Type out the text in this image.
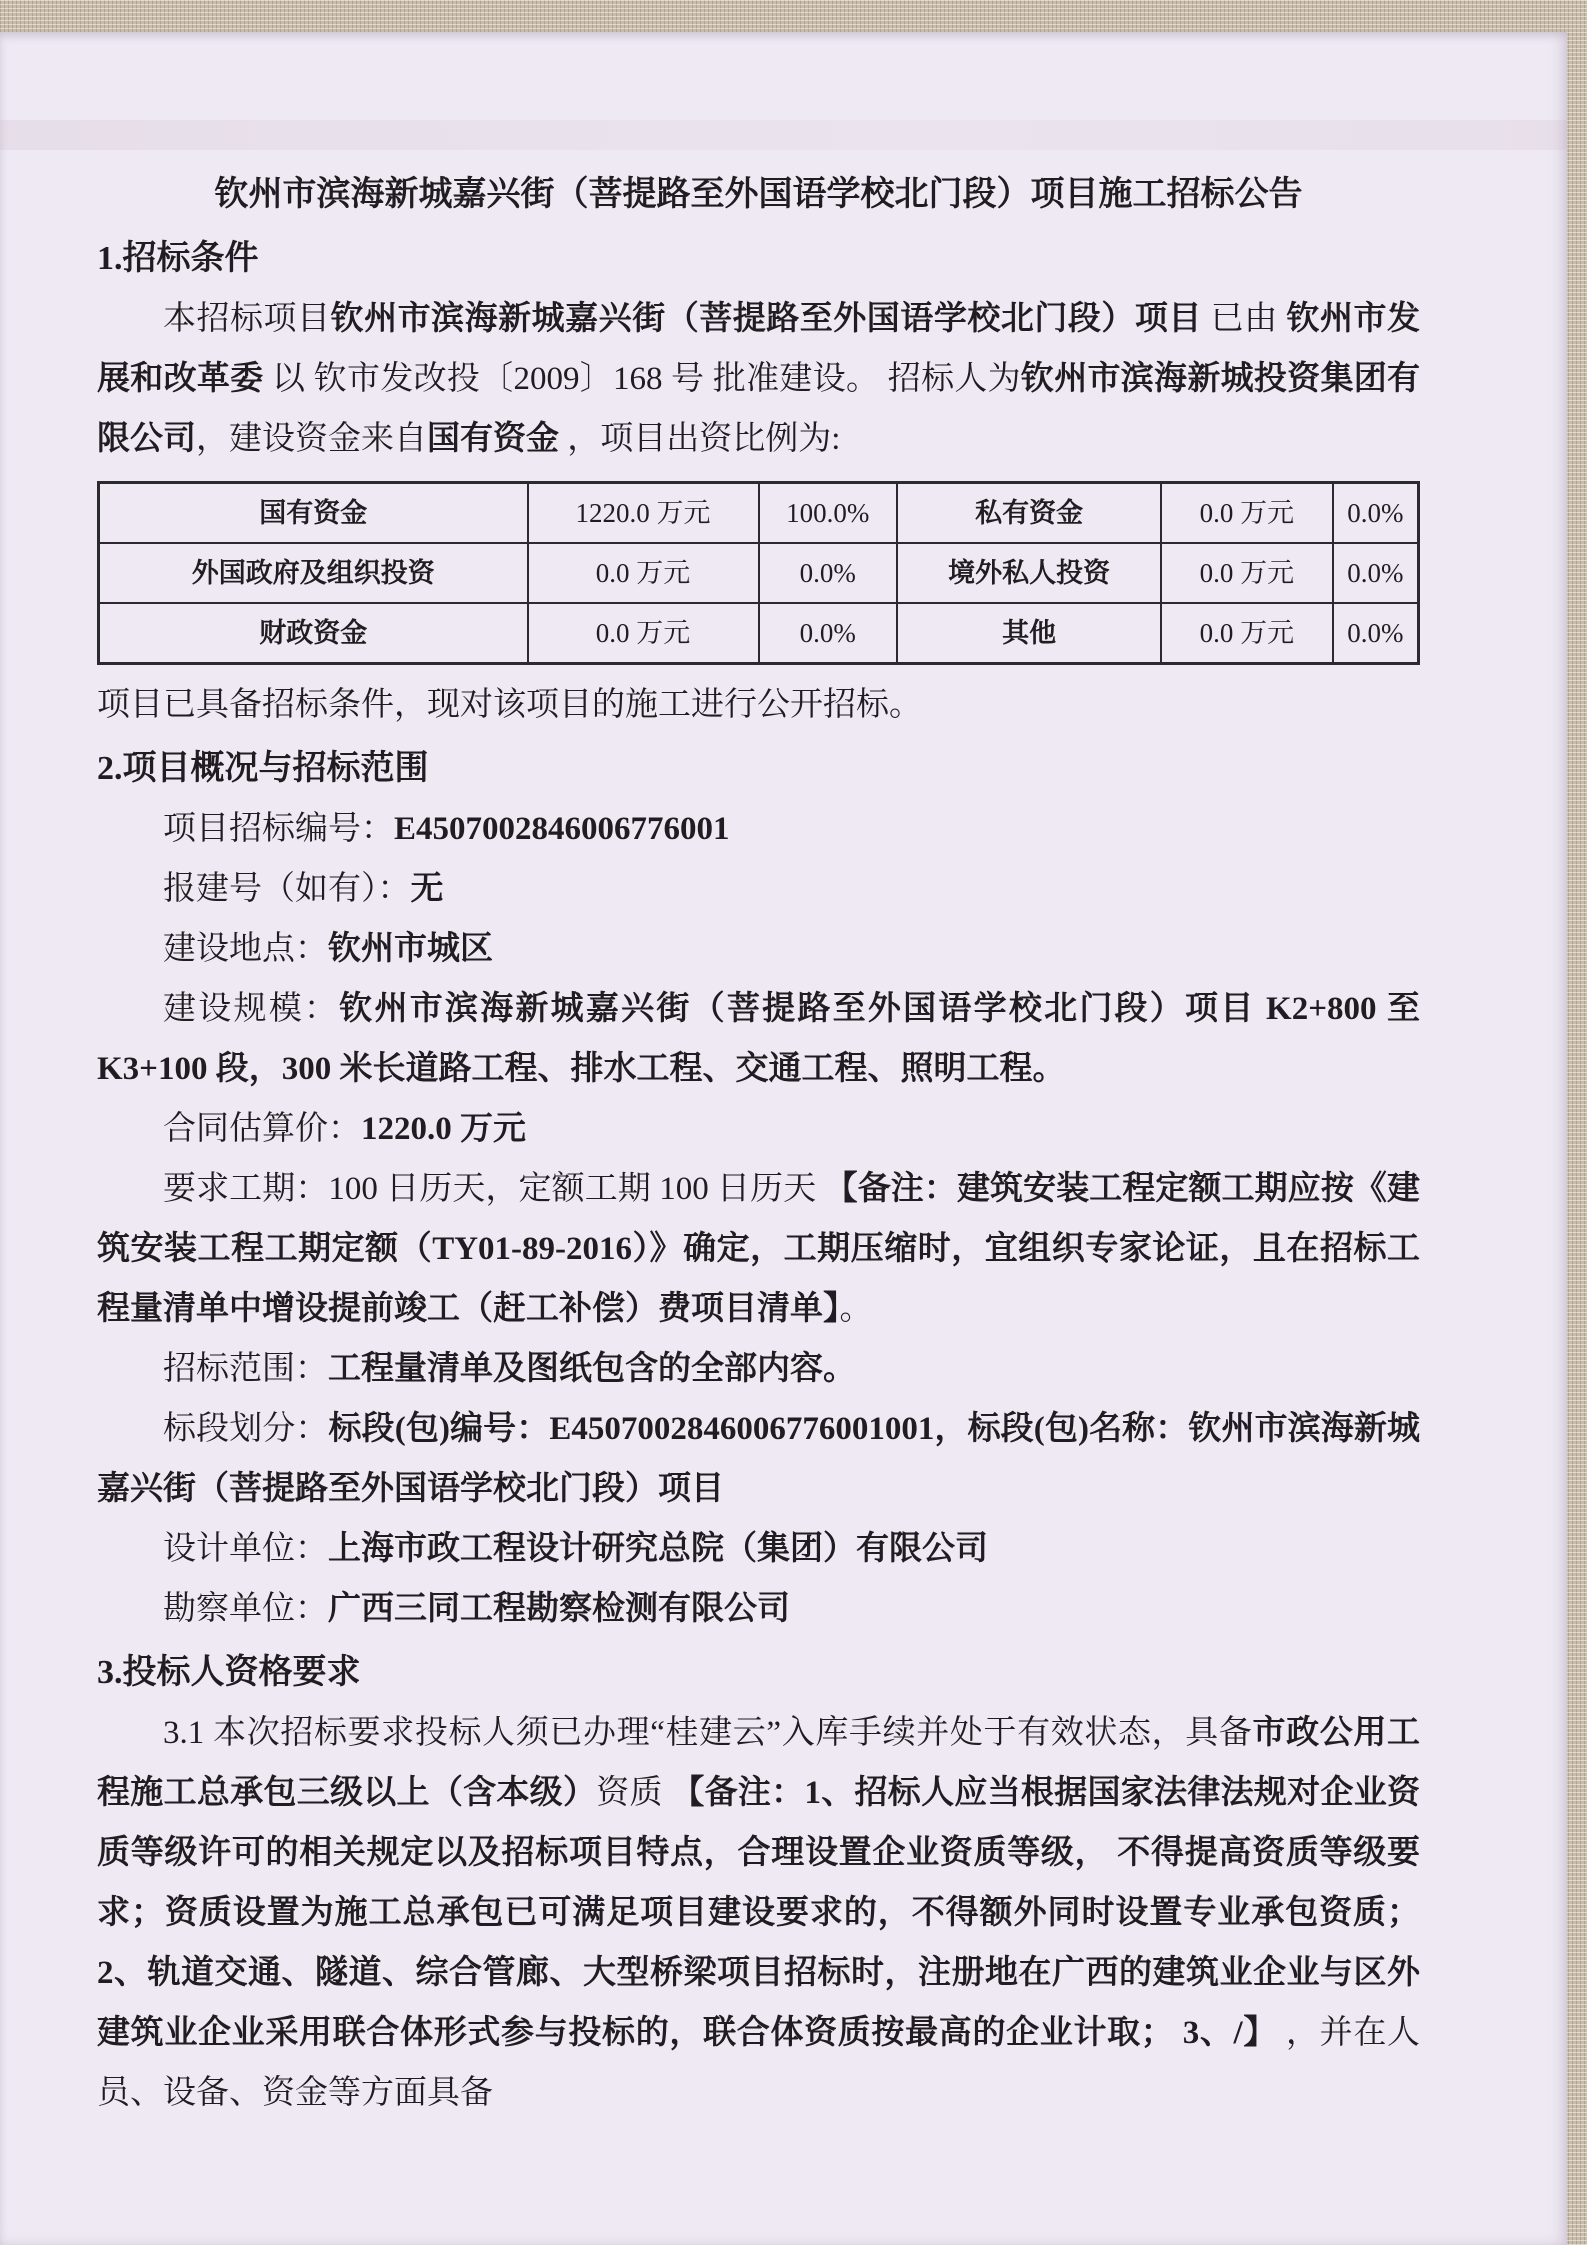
钦州市滨海新城嘉兴街（菩提路至外国语学校北门段）项目施工招标公告

1.招标条件

本招标项目钦州市滨海新城嘉兴街（菩提路至外国语学校北门段）项目 已由 钦州市发展和改革委 以 钦市发改投〔2009〕168 号 批准建设。 招标人为钦州市滨海新城投资集团有限公司，建设资金来自国有资金 ，项目出资比例为:

国有资金	1220.0 万元	100.0%	私有资金	0.0 万元	0.0%
外国政府及组织投资	0.0 万元	0.0%	境外私人投资	0.0 万元	0.0%
财政资金	0.0 万元	0.0%	其他	0.0 万元	0.0%

项目已具备招标条件，现对该项目的施工进行公开招标。

2.项目概况与招标范围

项目招标编号：E4507002846006776001

报建号（如有）：无

建设地点：钦州市城区

建设规模：钦州市滨海新城嘉兴街（菩提路至外国语学校北门段）项目 K2+800 至 K3+100 段，300 米长道路工程、排水工程、交通工程、照明工程。

合同估算价：1220.0 万元

要求工期：100 日历天，定额工期 100 日历天 【备注：建筑安装工程定额工期应按《建筑安装工程工期定额（TY01-89-2016）》确定，工期压缩时，宜组织专家论证，且在招标工程量清单中增设提前竣工（赶工补偿）费项目清单】。

招标范围：工程量清单及图纸包含的全部内容。

标段划分：标段(包)编号：E4507002846006776001001，标段(包)名称：钦州市滨海新城嘉兴街（菩提路至外国语学校北门段）项目

设计单位：上海市政工程设计研究总院（集团）有限公司

勘察单位：广西三同工程勘察检测有限公司

3.投标人资格要求

3.1 本次招标要求投标人须已办理“桂建云”入库手续并处于有效状态，具备市政公用工程施工总承包三级以上（含本级）资质 【备注：1、招标人应当根据国家法律法规对企业资质等级许可的相关规定以及招标项目特点，合理设置企业资质等级， 不得提高资质等级要求；资质设置为施工总承包已可满足项目建设要求的，不得额外同时设置专业承包资质； 2、轨道交通、隧道、综合管廊、大型桥梁项目招标时，注册地在广西的建筑业企业与区外建筑业企业采用联合体形式参与投标的，联合体资质按最高的企业计取； 3、/】 ，并在人员、设备、资金等方面具备
